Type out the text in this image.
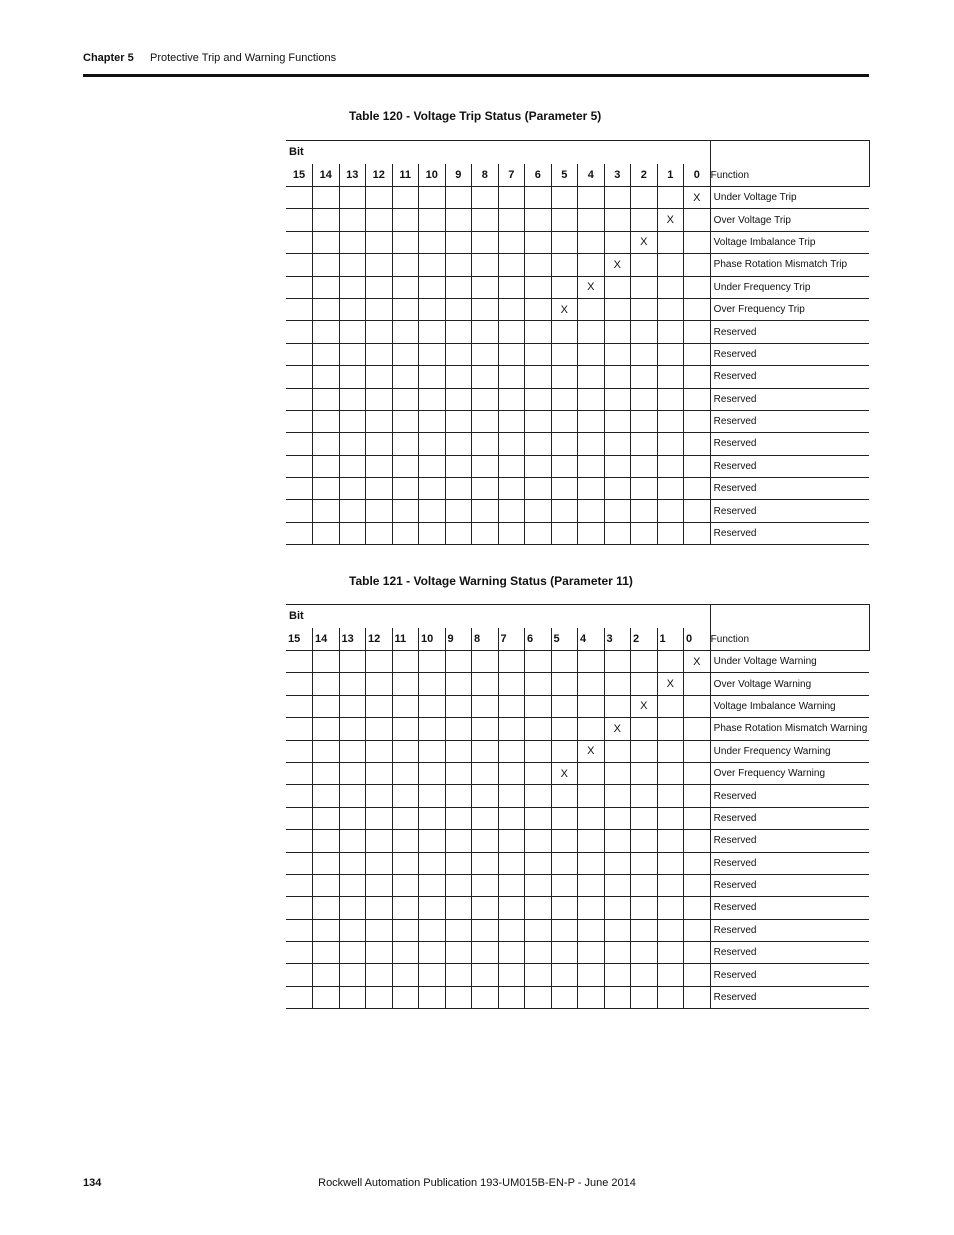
Chapter 5 Protective Trip and Warning Functions
Table 120 - Voltage Trip Status (Parameter 5)
Bit																Function
15	14	13	12	11	10	9	8	7	6	5	4	3	2	1	0	
															X	Under Voltage Trip
														X		Over Voltage Trip
													X			Voltage Imbalance Trip
												X				Phase Rotation Mismatch Trip
											X					Under Frequency Trip
										X						Over Frequency Trip
																Reserved
																Reserved
																Reserved
																Reserved
																Reserved
																Reserved
																Reserved
																Reserved
																Reserved
																Reserved
Table 121 - Voltage Warning Status (Parameter 11)
Bit																Function
15	14	13	12	11	10	9	8	7	6	5	4	3	2	1	0	
															X	Under Voltage Warning
														X		Over Voltage Warning
													X			Voltage Imbalance Warning
												X				Phase Rotation Mismatch Warning
											X					Under Frequency Warning
										X						Over Frequency Warning
																Reserved
																Reserved
																Reserved
																Reserved
																Reserved
																Reserved
																Reserved
																Reserved
																Reserved
																Reserved
134	Rockwell Automation Publication 193-UM015B-EN-P - June 2014
